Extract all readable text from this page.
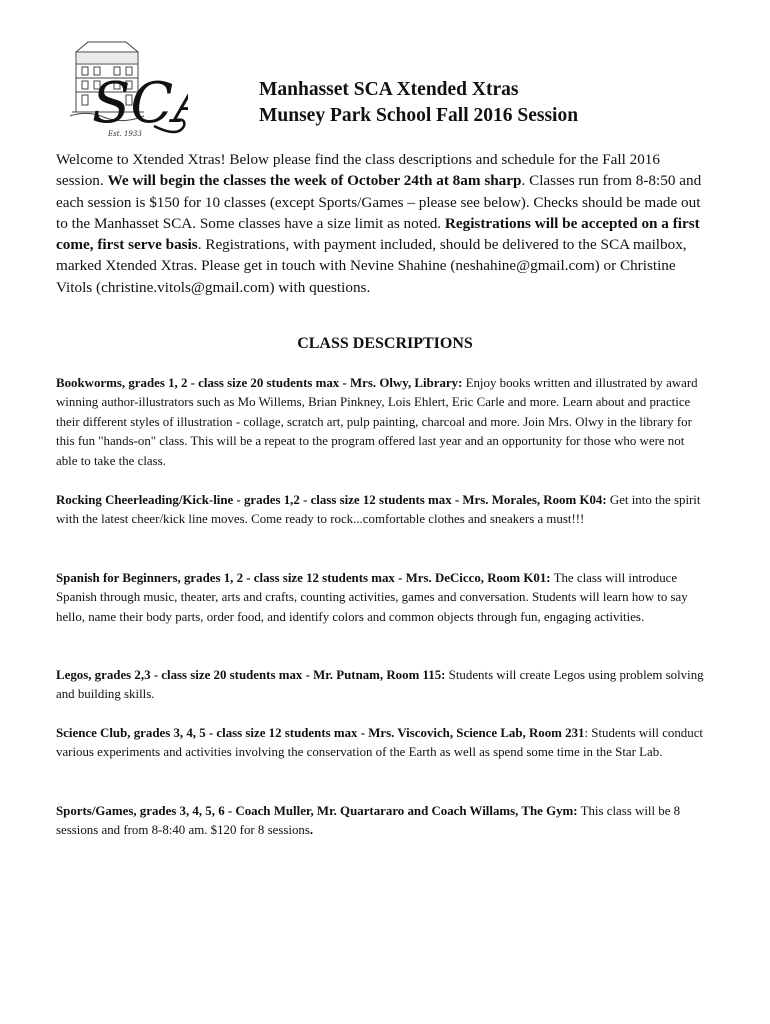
SC
Est. 1933
Manhasset SCA Xtended Xtras
Munsey Park School Fall 2016 Session
Welcome to Xtended Xtras! Below please find the class descriptions and schedule for the Fall 2016 session. We will begin the classes the week of October 24th at 8am sharp. Classes run from 8-8:50 and each session is $150 for 10 classes (except Sports/Games – please see below). Checks should be made out to the Manhasset SCA. Some classes have a size limit as noted. Registrations will be accepted on a first come, first serve basis. Registrations, with payment included, should be delivered to the SCA mailbox, marked Xtended Xtras. Please get in touch with Nevine Shahine (neshahine@gmail.com) or Christine Vitols (christine.vitols@gmail.com) with questions.
CLASS DESCRIPTIONS
Bookworms, grades 1, 2 - class size 20 students max - Mrs. Olwy, Library: Enjoy books written and illustrated by award winning author-illustrators such as Mo Willems, Brian Pinkney, Lois Ehlert, Eric Carle and more. Learn about and practice their different styles of illustration - collage, scratch art, pulp painting, charcoal and more. Join Mrs. Olwy in the library for this fun "hands-on" class. This will be a repeat to the program offered last year and an opportunity for those who were not able to take the class.
Rocking Cheerleading/Kick-line - grades 1,2 - class size 12 students max - Mrs. Morales, Room K04: Get into the spirit with the latest cheer/kick line moves. Come ready to rock...comfortable clothes and sneakers a must!!!
Spanish for Beginners, grades 1, 2 - class size 12 students max - Mrs. DeCicco, Room K01: The class will introduce Spanish through music, theater, arts and crafts, counting activities, games and conversation. Students will learn how to say hello, name their body parts, order food, and identify colors and common objects through fun, engaging activities.
Legos, grades 2,3 - class size 20 students max - Mr. Putnam, Room 115: Students will create Legos using problem solving and building skills.
Science Club, grades 3, 4, 5 - class size 12 students max - Mrs. Viscovich, Science Lab, Room 231: Students will conduct various experiments and activities involving the conservation of the Earth as well as spend some time in the Star Lab.
Sports/Games, grades 3, 4, 5, 6 - Coach Muller, Mr. Quartararo and Coach Willams, The Gym: This class will be 8 sessions and from 8-8:40 am. $120 for 8 sessions.
